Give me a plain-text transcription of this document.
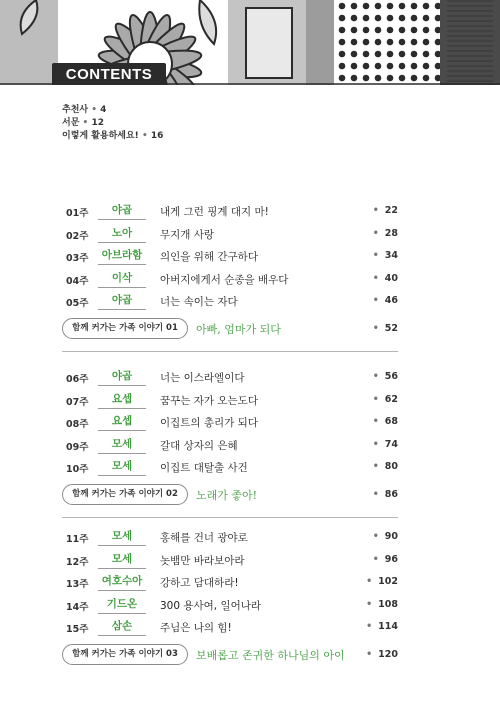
CONTENTS
추천사 • 4
서문 • 12
이렇게 활용하세요! • 16
01주	야곱	내게 그런 핑계 대지 마!	• 22
02주	노아	무지개 사랑	• 28
03주	아브라함	의인을 위해 간구하다	• 34
04주	이삭	아버지에게서 순종을 배우다	• 40
05주	야곱	너는 속이는 자다	• 46
함께 커가는 가족 이야기 01	아빠, 엄마가 되다	• 52
06주	야곱	너는 이스라엘이다	• 56
07주	요셉	꿈꾸는 자가 오는도다	• 62
08주	요셉	이집트의 총리가 되다	• 68
09주	모세	갈대 상자의 은혜	• 74
10주	모세	이집트 대탈출 사건	• 80
함께 커가는 가족 이야기 02	노래가 좋아!	• 86
11주	모세	홍해를 건너 광야로	• 90
12주	모세	놋뱀만 바라보아라	• 96
13주	여호수아	강하고 담대하라!	• 102
14주	기드온	300 용사여, 일어나라	• 108
15주	삼손	주님은 나의 힘!	• 114
함께 커가는 가족 이야기 03	보배롭고 존귀한 하나님의 아이 • 120
